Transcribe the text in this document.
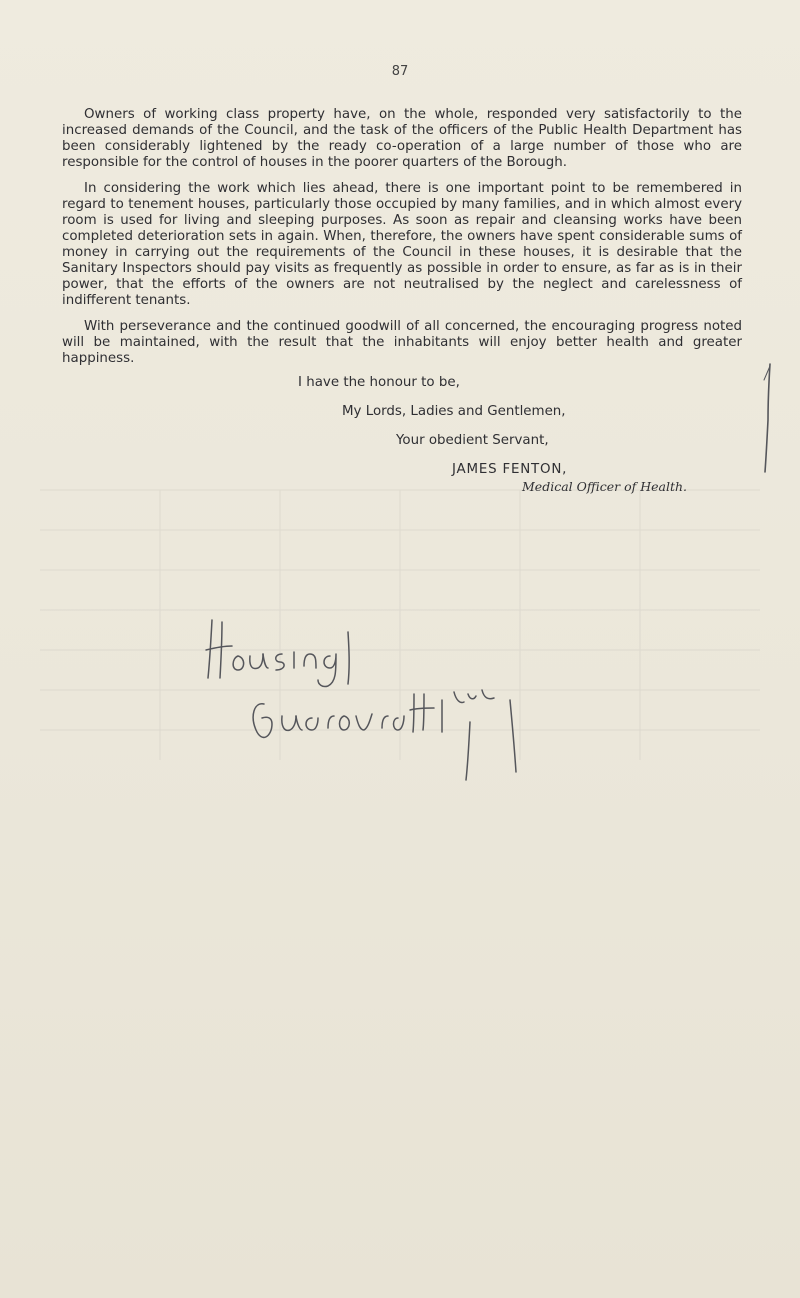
87

Owners of working class property have, on the whole, responded very satisfactorily to the increased demands of the Council, and the task of the officers of the Public Health Department has been considerably lightened by the ready co-operation of a large number of those who are responsible for the control of houses in the poorer quarters of the Borough.

In considering the work which lies ahead, there is one important point to be remembered in regard to tenement houses, particularly those occupied by many families, and in which almost every room is used for living and sleeping purposes. As soon as repair and cleansing works have been completed deterioration sets in again. When, therefore, the owners have spent considerable sums of money in carrying out the requirements of the Council in these houses, it is desirable that the Sanitary Inspectors should pay visits as frequently as possible in order to ensure, as far as is in their power, that the efforts of the owners are not neutralised by the neglect and carelessness of indifferent tenants.

With perseverance and the continued goodwill of all concerned, the encouraging progress noted will be maintained, with the result that the inhabitants will enjoy better health and greater happiness.

I have the honour to be,
My Lords, Ladies and Gentlemen,
Your obedient Servant,
JAMES FENTON,
Medical Officer of Health.
